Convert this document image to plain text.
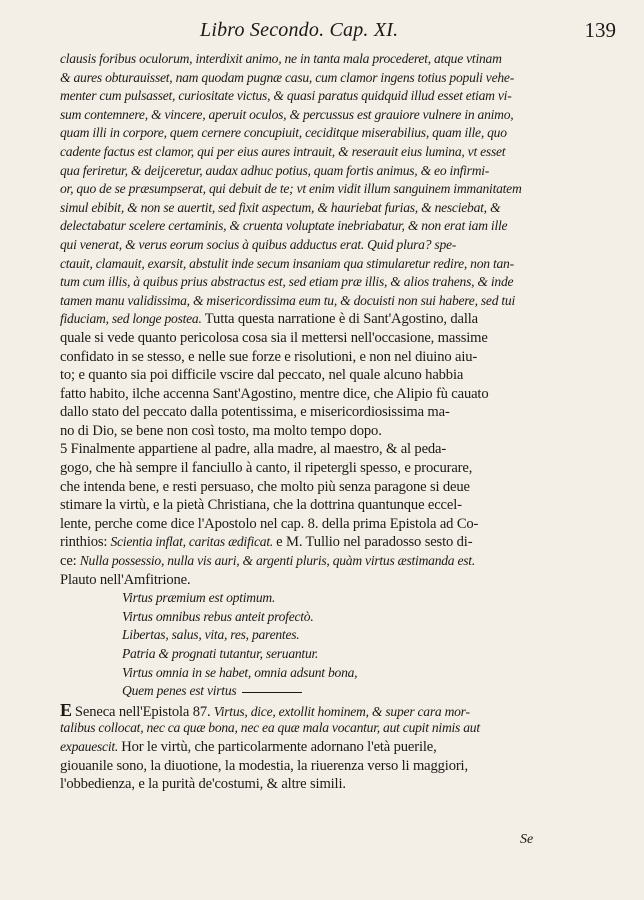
Libro Secondo. Cap. XI.	139
clausis foribus oculorum, interdixit animo, ne in tanta mala procederet, atque vtinam
& aures obturauisset, nam quodam pugnæ casu, cum clamor ingens totius populi vehe-
menter cum pulsasset, curiositate victus, & quasi paratus quidquid illud esset etiam vi-
sum contemnere, & vincere, aperuit oculos, & percussus est grauiore vulnere in animo,
quam illi in corpore, quem cernere concupiuit, ceciditque miserabilius, quam ille, quo
cadente factus est clamor, qui per eius aures intrauit, & reserauit eius lumina, vt esset
qua feriretur, & deijceretur, audax adhuc potius, quam fortis animus, & eo infirmi-
or, quo de se præsumpserat, qui debuit de te; vt enim vidit illum sanguinem immanitatem
simul ebibit, & non se auertit, sed fixit aspectum, & hauriebat furias, & nesciebat, &
delectabatur scelere certaminis, & cruenta voluptate inebriabatur, & non erat iam ille
qui venerat, & verus eorum socius à quibus adductus erat. Quid plura? spe-
ctauit, clamauit, exarsit, abstulit inde secum insaniam qua stimularetur redire, non tan-
tum cum illis, à quibus prius abstractus est, sed etiam præ illis, & alios trahens, & inde
tamen manu validissima, & misericordissima eum tu, & docuisti non sui habere, sed tui
fiduciam, sed longe postea. Tutta questa narratione è di Sant'Agostino, dalla
quale si vede quanto pericolosa cosa sia il mettersi nell'occasione, massime
confidato in se stesso, e nelle sue forze e risolutioni, e non nel diuino aiu-
to; e quanto sia poi difficile vscire dal peccato, nel quale alcuno habbia
fatto habito, ilche accenna Sant'Agostino, mentre dice, che Alipio fù cauato
dallo stato del peccato dalla potentissima, e misericordiosissima ma-
no di Dio, se bene non così tosto, ma molto tempo dopo.
5 Finalmente appartiene al padre, alla madre, al maestro, & al peda-
gogo, che hà sempre il fanciullo à canto, il ripetergli spesso, e procurare,
che intenda bene, e resti persuaso, che molto più senza paragone si deue
stimare la virtù, e la pietà Christiana, che la dottrina quantunque eccel-
lente, perche come dice l'Apostolo nel cap. 8. della prima Epistola ad Co-
rinthios: Scientia inflat, caritas ædificat. e M. Tullio nel paradosso sesto di-
ce: Nulla possessio, nulla vis auri, & argenti pluris, quàm virtus æstimanda est.
Plauto nell'Amfitrione.
Virtus præmium est optimum.
Virtus omnibus rebus anteit profectò.
Libertas, salus, vita, res, parentes.
Patria & prognati tutantur, seruantur.
Virtus omnia in se habet, omnia adsunt bona,
Quem penes est virtus
E Seneca nell'Epistola 87. Virtus, dice, extollit hominem, & super cara mor-
talibus collocat, nec ca quæ bona, nec ea quæ mala vocantur, aut cupit nimis aut
expauescit. Hor le virtù, che particolarmente adornano l'età puerile,
giouanile sono, la diuotione, la modestia, la riuerenza verso li maggiori,
l'obbedienza, e la purità de'costumi, & altre simili.
Se
